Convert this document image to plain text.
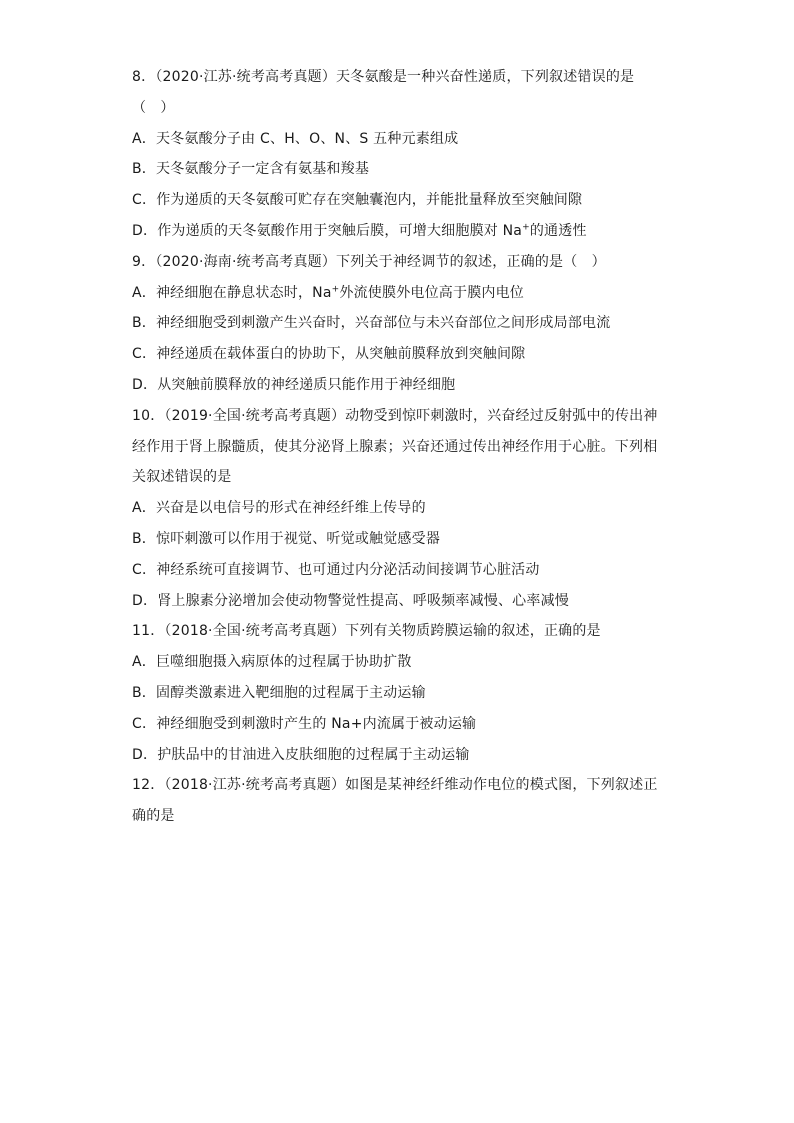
8．（2020·江苏·统考高考真题）天冬氨酸是一种兴奋性递质，下列叙述错误的是（　）

A．天冬氨酸分子由 C、H、O、N、S 五种元素组成

B．天冬氨酸分子一定含有氨基和羧基

C．作为递质的天冬氨酸可贮存在突触囊泡内，并能批量释放至突触间隙

D．作为递质的天冬氨酸作用于突触后膜，可增大细胞膜对 Na+的通透性

9．（2020·海南·统考高考真题）下列关于神经调节的叙述，正确的是（　）

A．神经细胞在静息状态时，Na+外流使膜外电位高于膜内电位

B．神经细胞受到刺激产生兴奋时，兴奋部位与未兴奋部位之间形成局部电流

C．神经递质在载体蛋白的协助下，从突触前膜释放到突触间隙

D．从突触前膜释放的神经递质只能作用于神经细胞

10．（2019·全国·统考高考真题）动物受到惊吓刺激时，兴奋经过反射弧中的传出神经作用于肾上腺髓质，使其分泌肾上腺素；兴奋还通过传出神经作用于心脏。下列相关叙述错误的是

A．兴奋是以电信号的形式在神经纤维上传导的

B．惊吓刺激可以作用于视觉、听觉或触觉感受器

C．神经系统可直接调节、也可通过内分泌活动间接调节心脏活动

D．肾上腺素分泌增加会使动物警觉性提高、呼吸频率减慢、心率减慢

11．（2018·全国·统考高考真题）下列有关物质跨膜运输的叙述，正确的是

A．巨噬细胞摄入病原体的过程属于协助扩散

B．固醇类激素进入靶细胞的过程属于主动运输

C．神经细胞受到刺激时产生的 Na+内流属于被动运输

D．护肤品中的甘油进入皮肤细胞的过程属于主动运输

12．（2018·江苏·统考高考真题）如图是某神经纤维动作电位的模式图，下列叙述正确的是
